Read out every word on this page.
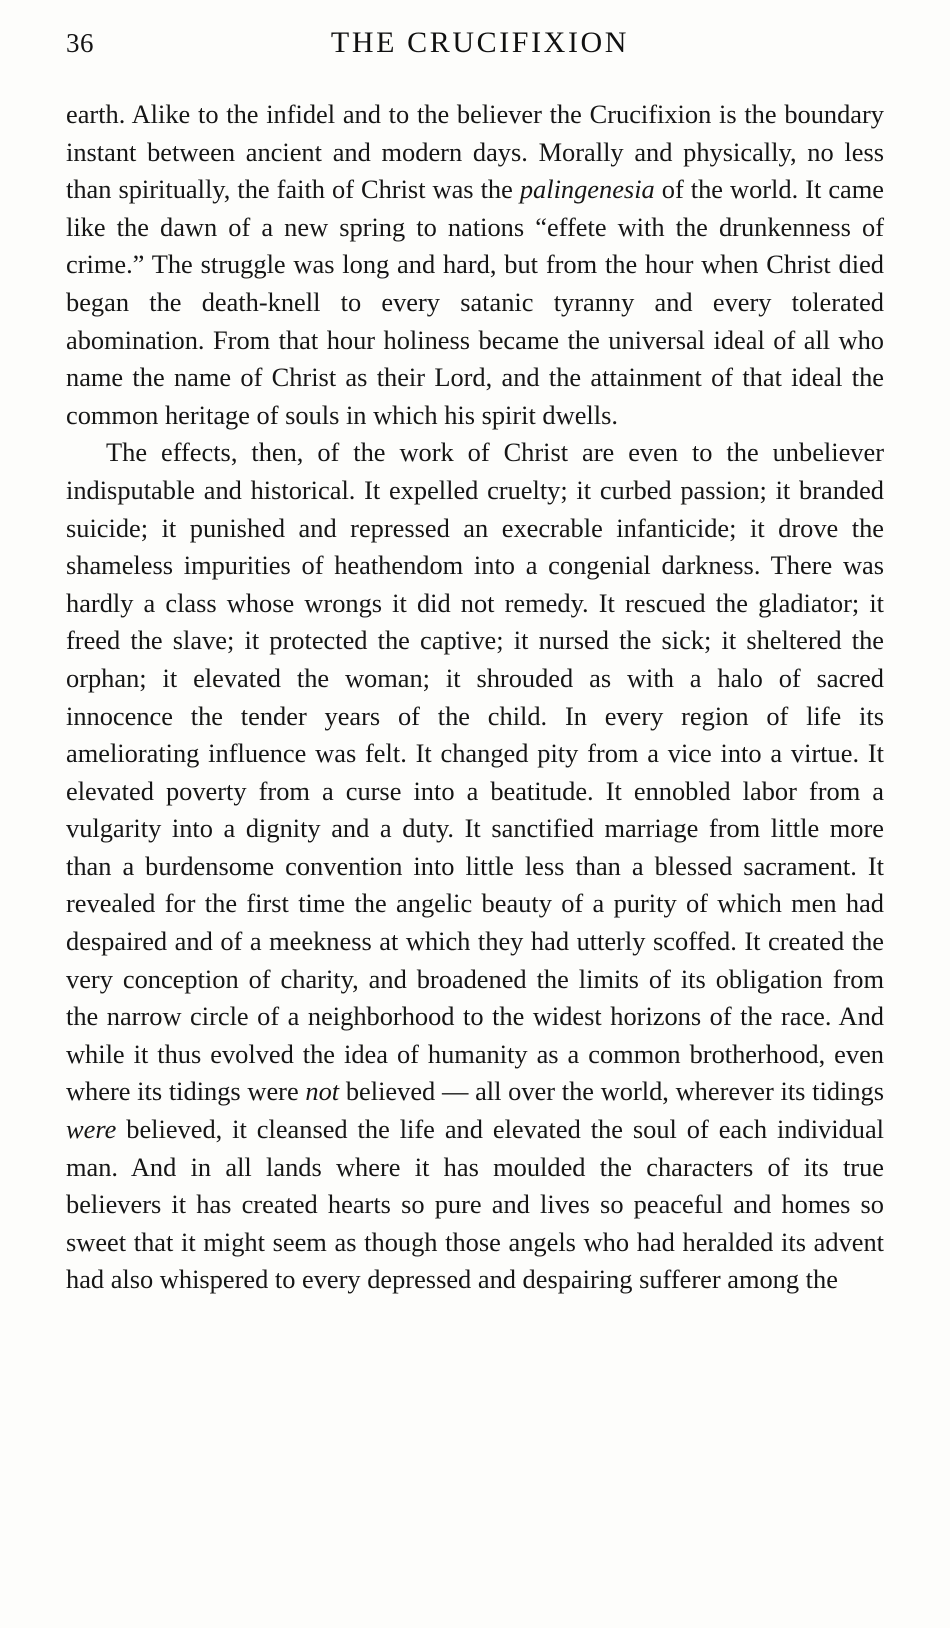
36	THE CRUCIFIXION

earth. Alike to the infidel and to the believer the Crucifixion is the boundary instant between ancient and modern days. Morally and physically, no less than spiritually, the faith of Christ was the palingenesia of the world. It came like the dawn of a new spring to nations “effete with the drunkenness of crime.” The struggle was long and hard, but from the hour when Christ died began the death-knell to every satanic tyranny and every tolerated abomination. From that hour holiness became the universal ideal of all who name the name of Christ as their Lord, and the attainment of that ideal the common heritage of souls in which his spirit dwells.

The effects, then, of the work of Christ are even to the unbeliever indisputable and historical. It expelled cruelty; it curbed passion; it branded suicide; it punished and repressed an execrable infanticide; it drove the shameless impurities of heathendom into a congenial darkness. There was hardly a class whose wrongs it did not remedy. It rescued the gladiator; it freed the slave; it protected the captive; it nursed the sick; it sheltered the orphan; it elevated the woman; it shrouded as with a halo of sacred innocence the tender years of the child. In every region of life its ameliorating influence was felt. It changed pity from a vice into a virtue. It elevated poverty from a curse into a beatitude. It ennobled labor from a vulgarity into a dignity and a duty. It sanctified marriage from little more than a burdensome convention into little less than a blessed sacrament. It revealed for the first time the angelic beauty of a purity of which men had despaired and of a meekness at which they had utterly scoffed. It created the very conception of charity, and broadened the limits of its obligation from the narrow circle of a neighborhood to the widest horizons of the race. And while it thus evolved the idea of humanity as a common brotherhood, even where its tidings were not believed — all over the world, wherever its tidings were believed, it cleansed the life and elevated the soul of each individual man. And in all lands where it has moulded the characters of its true believers it has created hearts so pure and lives so peaceful and homes so sweet that it might seem as though those angels who had heralded its advent had also whispered to every depressed and despairing sufferer among the
